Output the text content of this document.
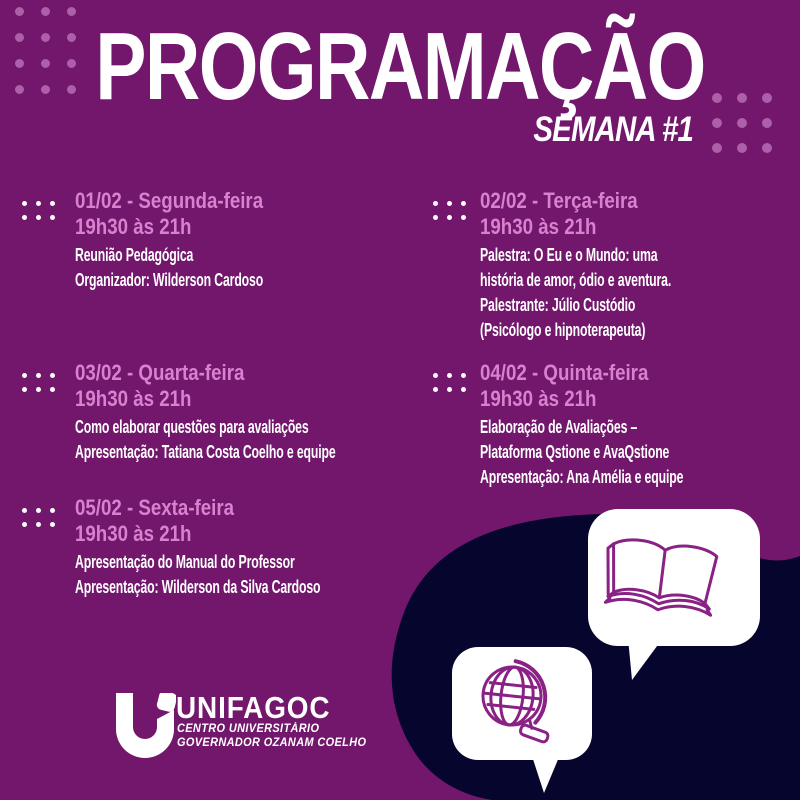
PROGRAMAÇÃO
SEMANA #1
01/02 - Segunda-feira
19h30 às 21h
Reunião Pedagógica
Organizador: Wilderson Cardoso
02/02 - Terça-feira
19h30 às 21h
Palestra: O Eu e o Mundo: uma
história de amor, ódio e aventura.
Palestrante: Júlio Custódio
(Psicólogo e hipnoterapeuta)
03/02 - Quarta-feira
19h30 às 21h
Como elaborar questões para avaliações
Apresentação: Tatiana Costa Coelho e equipe
04/02 - Quinta-feira
19h30 às 21h
Elaboração de Avaliações –
Plataforma Qstione e AvaQstione
Apresentação: Ana Amélia e equipe
05/02 - Sexta-feira
19h30 às 21h
Apresentação do Manual do Professor
Apresentação: Wilderson da Silva Cardoso
UNIFAGOC
CENTRO UNIVERSITÁRIO
GOVERNADOR OZANAM COELHO
